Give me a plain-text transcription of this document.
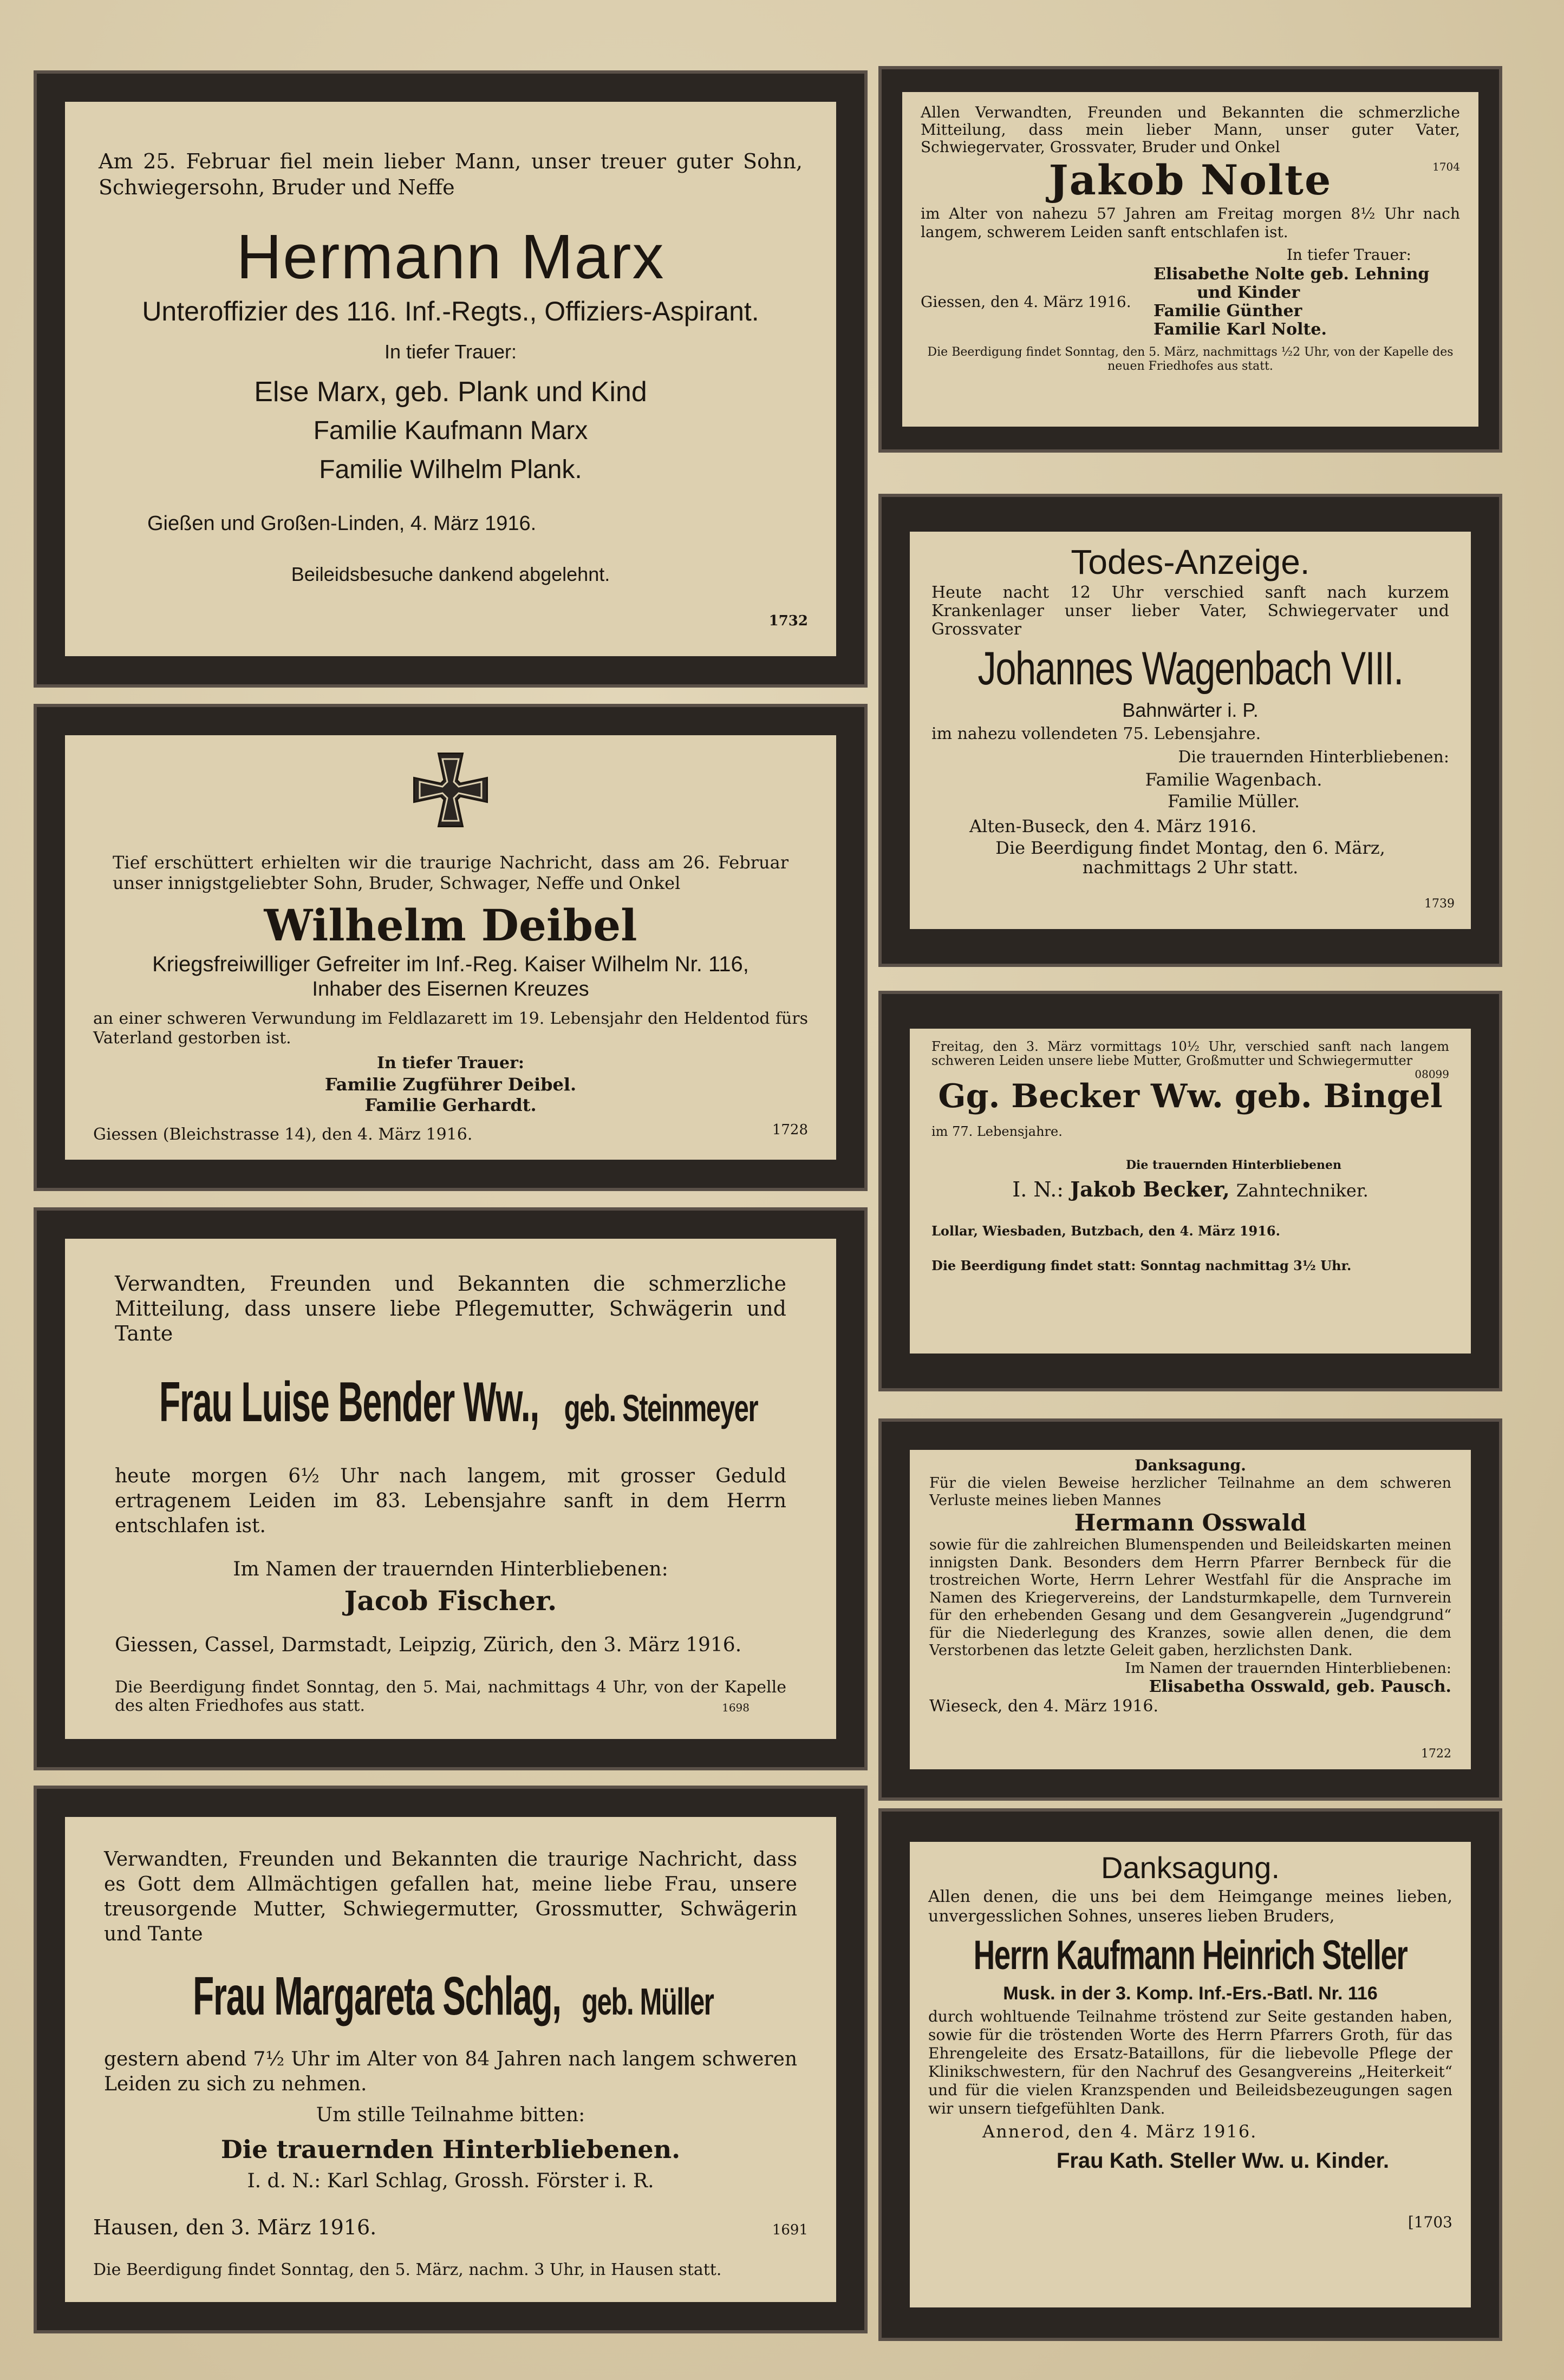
Am 25. Februar fiel mein lieber Mann, unser treuer guter Sohn, Schwiegersohn, Bruder und Neffe

Hermann Marx

Unteroffizier des 116. Inf.-Regts., Offiziers-Aspirant.

In tiefer Trauer:

Else Marx, geb. Plank und Kind

Familie Kaufmann Marx

Familie Wilhelm Plank.

Gießen und Großen-Linden, 4. März 1916.

Beileidsbesuche dankend abgelehnt.

1732

Tief erschüttert erhielten wir die traurige Nachricht, dass am 26. Februar unser innigstgeliebter Sohn, Bruder, Schwager, Neffe und Onkel

Wilhelm Deibel

Kriegsfreiwilliger Gefreiter im Inf.-Reg. Kaiser Wilhelm Nr. 116,

Inhaber des Eisernen Kreuzes

an einer schweren Verwundung im Feldlazarett im 19. Lebensjahr den Heldentod fürs Vaterland gestorben ist.

In tiefer Trauer:

Familie Zugführer Deibel.

Familie Gerhardt.

Giessen (Bleichstrasse 14), den 4. März 1916.	1728

Verwandten, Freunden und Bekannten die schmerzliche Mitteilung, dass unsere liebe Pflegemutter, Schwägerin und Tante

Frau Luise Bender Ww., geb. Steinmeyer

heute morgen 6½ Uhr nach langem, mit grosser Geduld ertragenem Leiden im 83. Lebensjahre sanft in dem Herrn entschlafen ist.

Im Namen der trauernden Hinterbliebenen:

Jacob Fischer.

Giessen, Cassel, Darmstadt, Leipzig, Zürich, den 3. März 1916.

Die Beerdigung findet Sonntag, den 5. Mai, nachmittags 4 Uhr, von der Kapelle des alten Friedhofes aus statt.	1698

Verwandten, Freunden und Bekannten die traurige Nachricht, dass es Gott dem Allmächtigen gefallen hat, meine liebe Frau, unsere treusorgende Mutter, Schwiegermutter, Grossmutter, Schwägerin und Tante

Frau Margareta Schlag, geb. Müller

gestern abend 7½ Uhr im Alter von 84 Jahren nach langem schweren Leiden zu sich zu nehmen.

Um stille Teilnahme bitten:

Die trauernden Hinterbliebenen.

I. d. N.: Karl Schlag, Grossh. Förster i. R.

Hausen, den 3. März 1916.	1691

Die Beerdigung findet Sonntag, den 5. März, nachm. 3 Uhr, in Hausen statt.

Allen Verwandten, Freunden und Bekannten die schmerzliche Mitteilung, dass mein lieber Mann, unser guter Vater, Schwiegervater, Grossvater, Bruder und Onkel

1704

Jakob Nolte

im Alter von nahezu 57 Jahren am Freitag morgen 8½ Uhr nach langem, schwerem Leiden sanft entschlafen ist.

In tiefer Trauer:

Giessen, den 4. März 1916.

Elisabethe Nolte geb. Lehning

und Kinder

Familie Günther

Familie Karl Nolte.

Die Beerdigung findet Sonntag, den 5. März, nachmittags ½2 Uhr, von der Kapelle des neuen Friedhofes aus statt.

Todes-Anzeige.

Heute nacht 12 Uhr verschied sanft nach kurzem Krankenlager unser lieber Vater, Schwiegervater und Grossvater

Johannes Wagenbach VIII.

Bahnwärter i. P.

im nahezu vollendeten 75. Lebensjahre.

Die trauernden Hinterbliebenen:

Familie Wagenbach.

Familie Müller.

Alten-Buseck, den 4. März 1916.

Die Beerdigung findet Montag, den 6. März, nachmittags 2 Uhr statt.

1739

Freitag, den 3. März vormittags 10½ Uhr, verschied sanft nach langem schweren Leiden unsere liebe Mutter, Großmutter und Schwiegermutter

08099

Gg. Becker Ww. geb. Bingel

im 77. Lebensjahre.

Die trauernden Hinterbliebenen

I. N.: Jakob Becker, Zahntechniker.

Lollar, Wiesbaden, Butzbach, den 4. März 1916.

Die Beerdigung findet statt: Sonntag nachmittag 3½ Uhr.

Danksagung.

Für die vielen Beweise herzlicher Teilnahme an dem schweren Verluste meines lieben Mannes

Hermann Osswald

sowie für die zahlreichen Blumenspenden und Beileidskarten meinen innigsten Dank. Besonders dem Herrn Pfarrer Bernbeck für die trostreichen Worte, Herrn Lehrer Westfahl für die Ansprache im Namen des Kriegervereins, der Landsturmkapelle, dem Turnverein für den erhebenden Gesang und dem Gesangverein „Jugendgrund“ für die Niederlegung des Kranzes, sowie allen denen, die dem Verstorbenen das letzte Geleit gaben, herzlichsten Dank.

Im Namen der trauernden Hinterbliebenen:

Elisabetha Osswald, geb. Pausch.

Wieseck, den 4. März 1916.

1722

Danksagung.

Allen denen, die uns bei dem Heimgange meines lieben, unvergesslichen Sohnes, unseres lieben Bruders,

Herrn Kaufmann Heinrich Steller

Musk. in der 3. Komp. Inf.-Ers.-Batl. Nr. 116

durch wohltuende Teilnahme tröstend zur Seite gestanden haben, sowie für die tröstenden Worte des Herrn Pfarrers Groth, für das Ehrengeleite des Ersatz-Bataillons, für die liebevolle Pflege der Klinikschwestern, für den Nachruf des Gesangvereins „Heiterkeit“ und für die vielen Kranzspenden und Beileidsbezeugungen sagen wir unsern tiefgefühlten Dank.

[1703

Annerod, den 4. März 1916.

Frau Kath. Steller Ww. u. Kinder.
